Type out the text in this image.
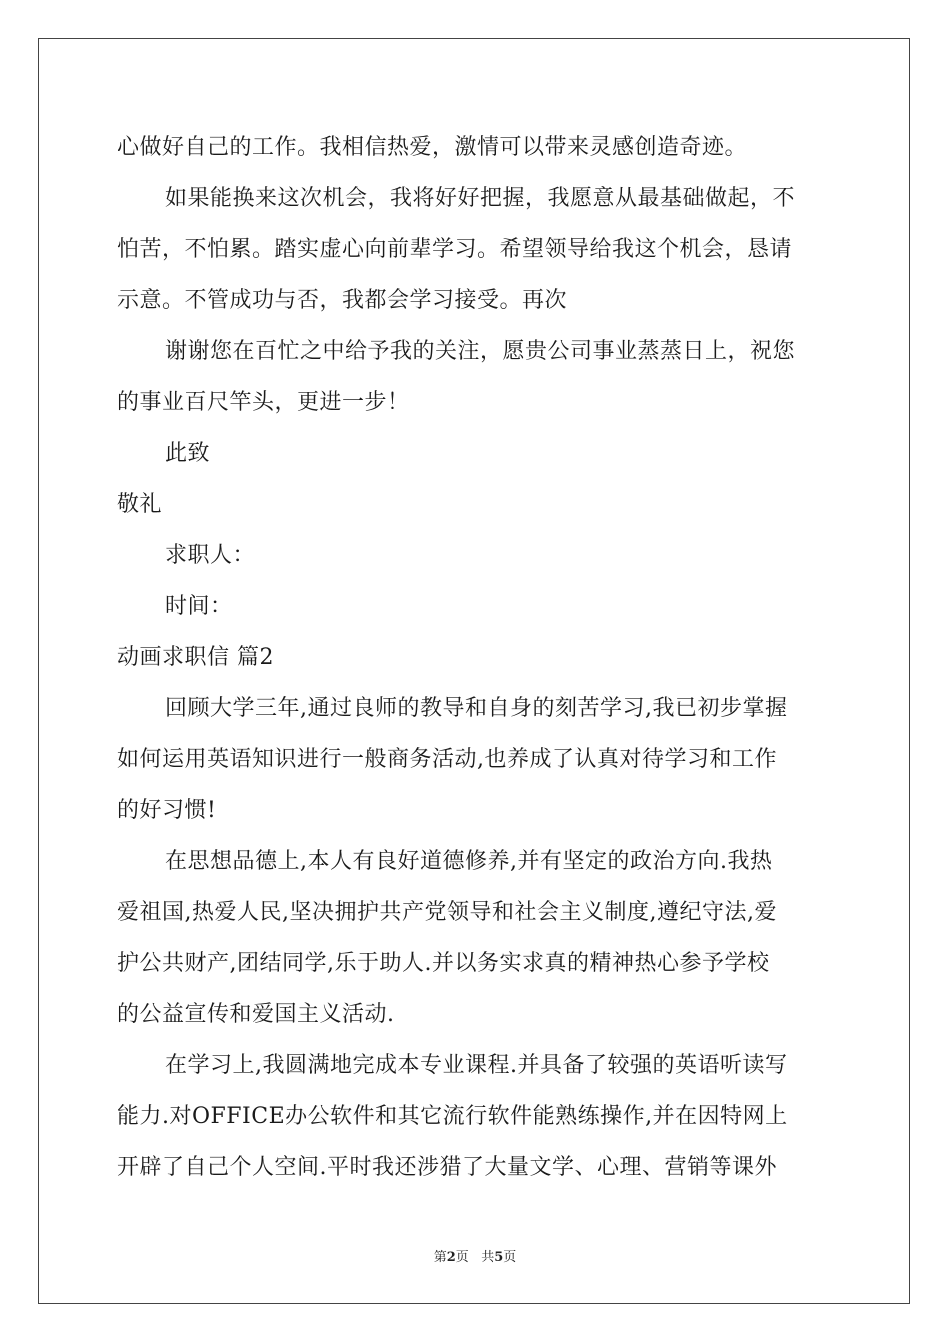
心做好自己的工作。我相信热爱，激情可以带来灵感创造奇迹。
如果能换来这次机会，我将好好把握，我愿意从最基础做起，不
怕苦，不怕累。踏实虚心向前辈学习。希望领导给我这个机会，恳请
示意。不管成功与否，我都会学习接受。再次
谢谢您在百忙之中给予我的关注，愿贵公司事业蒸蒸日上，祝您
的事业百尺竿头，更进一步！
此致
敬礼
求职人：
时间：
动画求职信 篇2
回顾大学三年,通过良师的教导和自身的刻苦学习,我已初步掌握
如何运用英语知识进行一般商务活动,也养成了认真对待学习和工作
的好习惯!
在思想品德上,本人有良好道德修养,并有坚定的政治方向.我热
爱祖国,热爱人民,坚决拥护共产党领导和社会主义制度,遵纪守法,爱
护公共财产,团结同学,乐于助人.并以务实求真的精神热心参予学校
的公益宣传和爱国主义活动.
在学习上,我圆满地完成本专业课程.并具备了较强的英语听读写
能力.对OFFICE办公软件和其它流行软件能熟练操作,并在因特网上
开辟了自己个人空间.平时我还涉猎了大量文学、心理、营销等课外
第2页 共5页
